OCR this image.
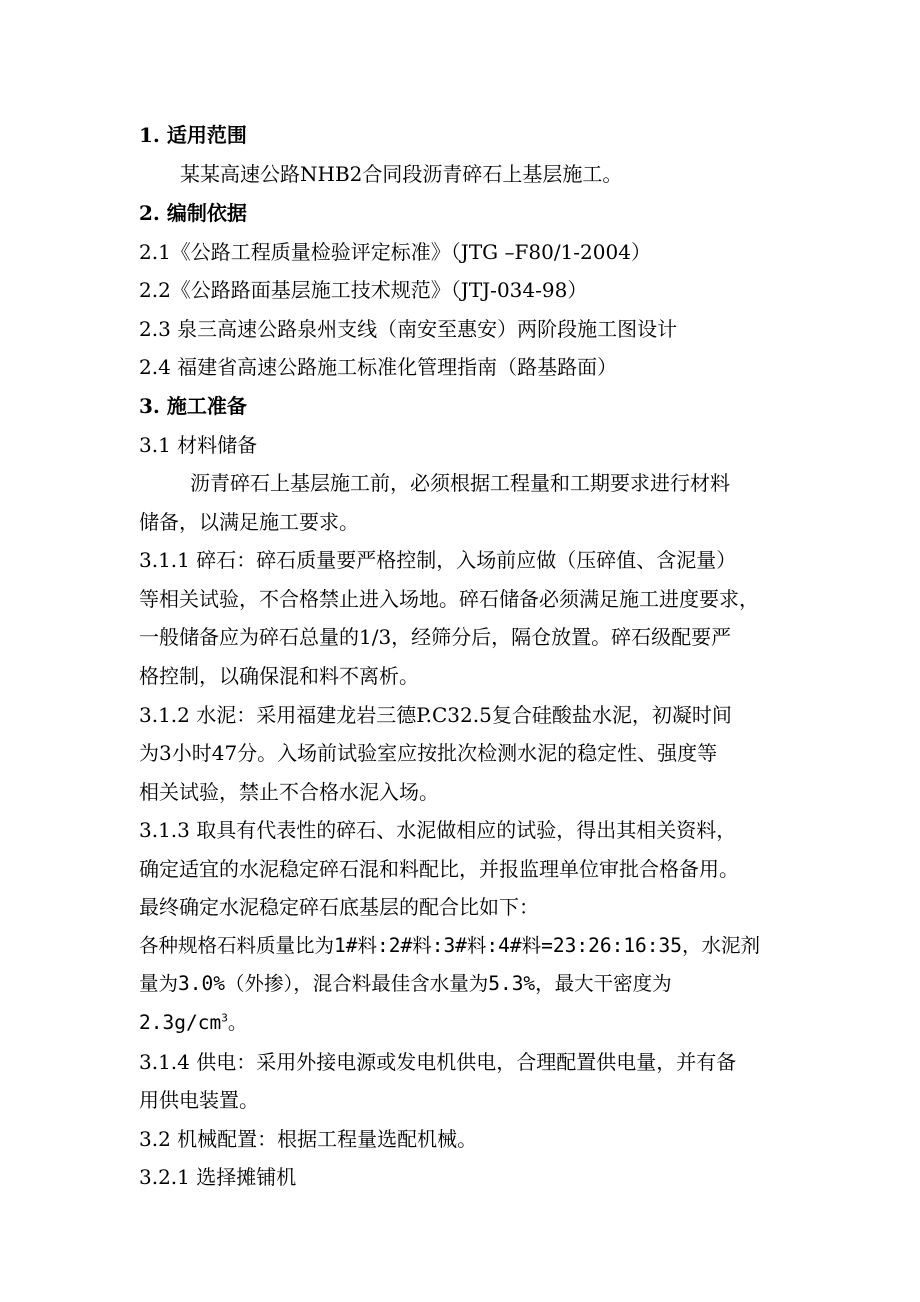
1. 适用范围
某某高速公路NHB2合同段沥青碎石上基层施工。
2. 编制依据
2.1《公路工程质量检验评定标准》（JTG –F80/1-2004）
2.2《公路路面基层施工技术规范》（JTJ-034-98）
2.3 泉三高速公路泉州支线（南安至惠安）两阶段施工图设计
2.4 福建省高速公路施工标准化管理指南（路基路面）
3. 施工准备
3.1 材料储备
沥青碎石上基层施工前，必须根据工程量和工期要求进行材料
储备，以满足施工要求。
3.1.1 碎石：碎石质量要严格控制，入场前应做（压碎值、含泥量）
等相关试验，不合格禁止进入场地。碎石储备必须满足施工进度要求，
一般储备应为碎石总量的1/3，经筛分后，隔仓放置。碎石级配要严
格控制，以确保混和料不离析。
3.1.2 水泥：采用福建龙岩三德P.C32.5复合硅酸盐水泥，初凝时间
为3小时47分。入场前试验室应按批次检测水泥的稳定性、强度等
相关试验，禁止不合格水泥入场。
3.1.3 取具有代表性的碎石、水泥做相应的试验，得出其相关资料，
确定适宜的水泥稳定碎石混和料配比，并报监理单位审批合格备用。
最终确定水泥稳定碎石底基层的配合比如下：
各种规格石料质量比为1#料:2#料:3#料:4#料=23:26:16:35，水泥剂
量为3.0%（外掺），混合料最佳含水量为5.3%，最大干密度为
$2.3g/cm^3$。
3.1.4 供电：采用外接电源或发电机供电，合理配置供电量，并有备
用供电装置。
3.2 机械配置：根据工程量选配机械。
3.2.1 选择摊铺机
